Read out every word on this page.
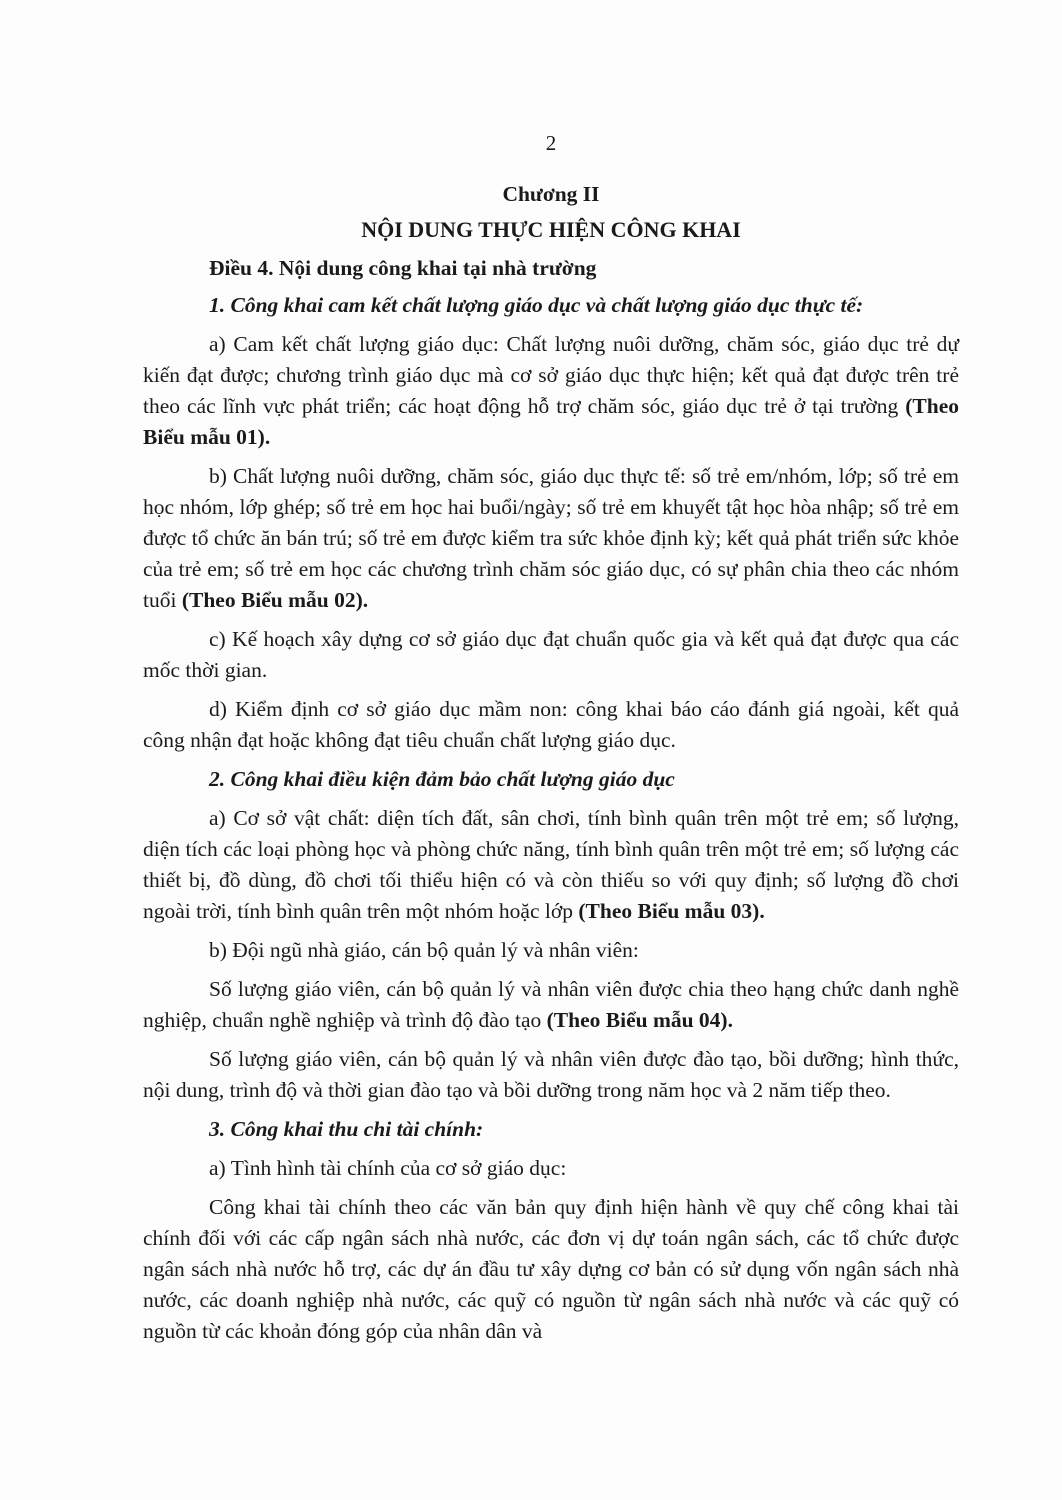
2
Chương II
NỘI DUNG THỰC HIỆN CÔNG KHAI
Điều 4. Nội dung công khai tại nhà trường
1. Công khai cam kết chất lượng giáo dục và chất lượng giáo dục thực tế:

a) Cam kết chất lượng giáo dục: Chất lượng nuôi dưỡng, chăm sóc, giáo dục trẻ dự kiến đạt được; chương trình giáo dục mà cơ sở giáo dục thực hiện; kết quả đạt được trên trẻ theo các lĩnh vực phát triển; các hoạt động hỗ trợ chăm sóc, giáo dục trẻ ở tại trường (Theo Biểu mẫu 01).

b) Chất lượng nuôi dưỡng, chăm sóc, giáo dục thực tế: số trẻ em/nhóm, lớp; số trẻ em học nhóm, lớp ghép; số trẻ em học hai buổi/ngày; số trẻ em khuyết tật học hòa nhập; số trẻ em được tổ chức ăn bán trú; số trẻ em được kiểm tra sức khỏe định kỳ; kết quả phát triển sức khỏe của trẻ em; số trẻ em học các chương trình chăm sóc giáo dục, có sự phân chia theo các nhóm tuổi (Theo Biểu mẫu 02).

c) Kế hoạch xây dựng cơ sở giáo dục đạt chuẩn quốc gia và kết quả đạt được qua các mốc thời gian.

d) Kiểm định cơ sở giáo dục mầm non: công khai báo cáo đánh giá ngoài, kết quả công nhận đạt hoặc không đạt tiêu chuẩn chất lượng giáo dục.

2. Công khai điều kiện đảm bảo chất lượng giáo dục

a) Cơ sở vật chất: diện tích đất, sân chơi, tính bình quân trên một trẻ em; số lượng, diện tích các loại phòng học và phòng chức năng, tính bình quân trên một trẻ em; số lượng các thiết bị, đồ dùng, đồ chơi tối thiểu hiện có và còn thiếu so với quy định; số lượng đồ chơi ngoài trời, tính bình quân trên một nhóm hoặc lớp (Theo Biểu mẫu 03).

b) Đội ngũ nhà giáo, cán bộ quản lý và nhân viên:

Số lượng giáo viên, cán bộ quản lý và nhân viên được chia theo hạng chức danh nghề nghiệp, chuẩn nghề nghiệp và trình độ đào tạo (Theo Biểu mẫu 04).

Số lượng giáo viên, cán bộ quản lý và nhân viên được đào tạo, bồi dưỡng; hình thức, nội dung, trình độ và thời gian đào tạo và bồi dưỡng trong năm học và 2 năm tiếp theo.

3. Công khai thu chi tài chính:

a) Tình hình tài chính của cơ sở giáo dục:

Công khai tài chính theo các văn bản quy định hiện hành về quy chế công khai tài chính đối với các cấp ngân sách nhà nước, các đơn vị dự toán ngân sách, các tổ chức được ngân sách nhà nước hỗ trợ, các dự án đầu tư xây dựng cơ bản có sử dụng vốn ngân sách nhà nước, các doanh nghiệp nhà nước, các quỹ có nguồn từ ngân sách nhà nước và các quỹ có nguồn từ các khoản đóng góp của nhân dân và
